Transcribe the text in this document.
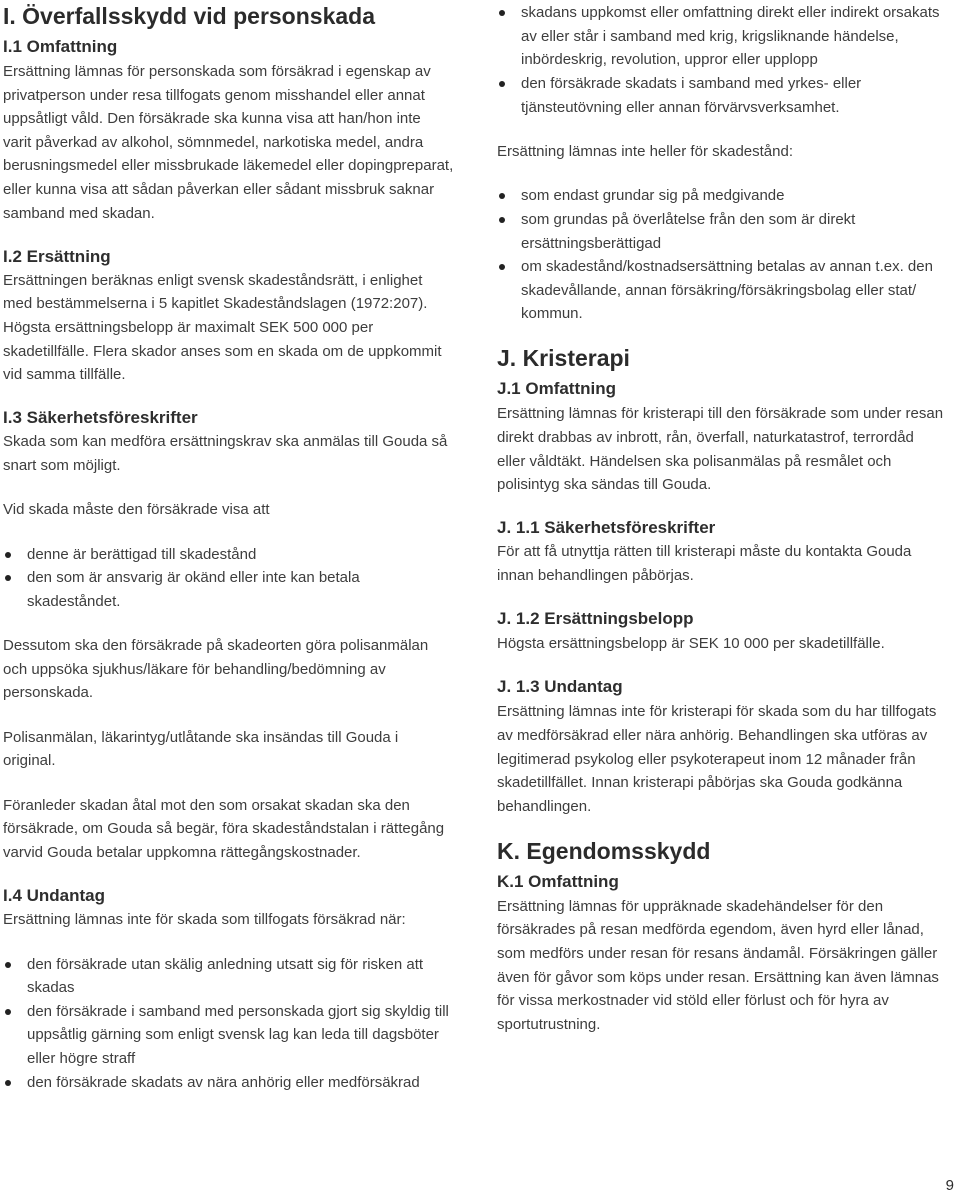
I. Överfallsskydd vid personskada
I.1 Omfattning
Ersättning lämnas för personskada som försäkrad i egenskap av
privatperson under resa tillfogats genom misshandel eller annat
uppsåtligt våld. Den försäkrade ska kunna visa att han/hon inte
varit påverkad av alkohol, sömnmedel, narkotiska medel, andra
berusningsmedel eller missbrukade läkemedel eller dopingpreparat,
eller kunna visa att sådan påverkan eller sådant missbruk saknar
samband med skadan.
I.2 Ersättning
Ersättningen beräknas enligt svensk skadeståndsrätt, i enlighet
med bestämmelserna i 5 kapitlet Skadeståndslagen (1972:207).
Högsta ersättningsbelopp är maximalt SEK 500 000 per
skadetillfälle. Flera skador anses som en skada om de uppkommit
vid samma tillfälle.
I.3 Säkerhetsföreskrifter
Skada som kan medföra ersättningskrav ska anmälas till Gouda så
snart som möjligt.
Vid skada måste den försäkrade visa att
denne är berättigad till skadestånd
den som är ansvarig är okänd eller inte kan betala
skadeståndet.
Dessutom ska den försäkrade på skadeorten göra polisanmälan
och uppsöka sjukhus/läkare för behandling/bedömning av
personskada.
Polisanmälan, läkarintyg/utlåtande ska insändas till Gouda i
original.
Föranleder skadan åtal mot den som orsakat skadan ska den
försäkrade, om Gouda så begär, föra skadeståndstalan i rättegång
varvid Gouda betalar uppkomna rättegångskostnader.
I.4 Undantag
Ersättning lämnas inte för skada som tillfogats försäkrad när:
den försäkrade utan skälig anledning utsatt sig för risken att
skadas
den försäkrade i samband med personskada gjort sig skyldig till
uppsåtlig gärning som enligt svensk lag kan leda till dagsböter
eller högre straff
den försäkrade skadats av nära anhörig eller medförsäkrad
skadans uppkomst eller omfattning direkt eller indirekt orsakats
av eller står i samband med krig, krigsliknande händelse,
inbördeskrig, revolution, uppror eller upplopp
den försäkrade skadats i samband med yrkes- eller
tjänsteutövning eller annan förvärvsverksamhet.
Ersättning lämnas inte heller för skadestånd:
som endast grundar sig på medgivande
som grundas på överlåtelse från den som är direkt
ersättningsberättigad
om skadestånd/kostnadsersättning betalas av annan t.ex. den
skadevållande, annan försäkring/försäkringsbolag eller stat/
kommun.
J. Kristerapi
J.1 Omfattning
Ersättning lämnas för kristerapi till den försäkrade som under resan
direkt drabbas av inbrott, rån, överfall, naturkatastrof, terrordåd
eller våldtäkt. Händelsen ska polisanmälas på resmålet och
polisintyg ska sändas till Gouda.
J. 1.1 Säkerhetsföreskrifter
För att få utnyttja rätten till kristerapi måste du kontakta Gouda
innan behandlingen påbörjas.
J. 1.2 Ersättningsbelopp
Högsta ersättningsbelopp är SEK 10 000 per skadetillfälle.
J. 1.3 Undantag
Ersättning lämnas inte för kristerapi för skada som du har tillfogats
av medförsäkrad eller nära anhörig. Behandlingen ska utföras av
legitimerad psykolog eller psykoterapeut inom 12 månader från
skadetillfället. Innan kristerapi påbörjas ska Gouda godkänna
behandlingen.
K. Egendomsskydd
K.1 Omfattning
Ersättning lämnas för uppräknade skadehändelser för den
försäkrades på resan medförda egendom, även hyrd eller lånad,
som medförs under resan för resans ändamål. Försäkringen gäller
även för gåvor som köps under resan. Ersättning kan även lämnas
för vissa merkostnader vid stöld eller förlust och för hyra av
sportutrustning.
9
